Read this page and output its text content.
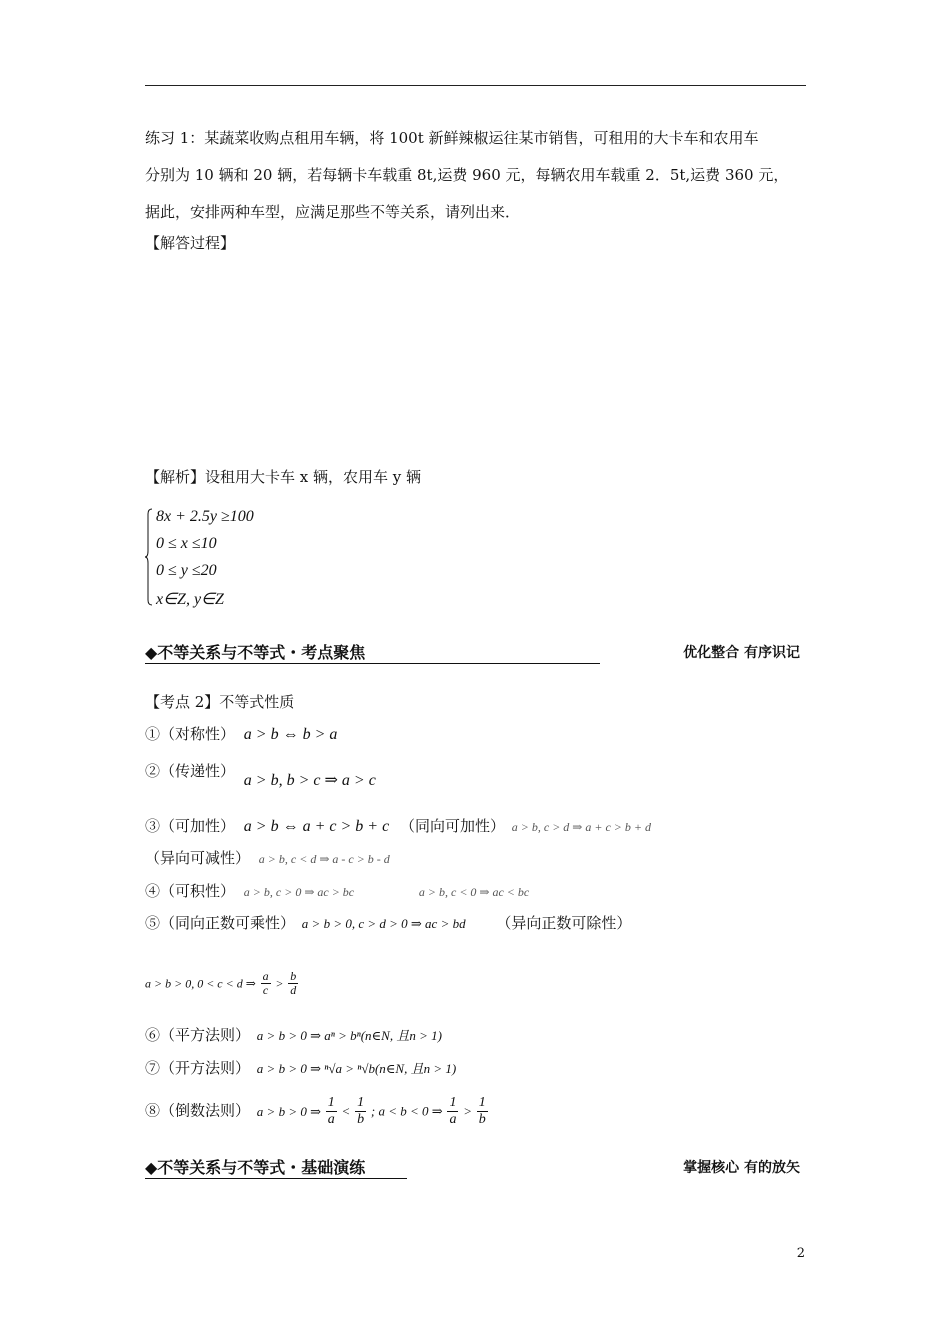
练习 1：某蔬菜收购点租用车辆，将 100t 新鲜辣椒运往某市销售，可租用的大卡车和农用车
分别为 10 辆和 20 辆，若每辆卡车载重 8t,运费 960 元，每辆农用车载重 2．5t,运费 360 元，
据此，安排两种车型，应满足那些不等关系，请列出来．
【解答过程】
【解析】设租用大卡车 x 辆，农用车 y 辆
8x + 2.5y ≥100
0 ≤ x ≤10
0 ≤ y ≤20
x∈Z, y∈Z
◆不等关系与不等式・考点聚焦	优化整合 有序识记
【考点 2】不等式性质
①（对称性） a > b ⇔ b > a
②（传递性） a > b, b > c ⇒ a > c
③（可加性） a > b ⇔ a + c > b + c （同向可加性） a > b, c > d ⇒ a + c > b + d
（异向可减性） a > b, c < d ⇒ a - c > b - d
④（可积性） a > b, c > 0 ⇒ ac > bc	a > b, c < 0 ⇒ ac < bc
⑤（同向正数可乘性） a > b > 0, c > d > 0 ⇒ ac > bd （异向正数可除性）
a > b > 0, 0 < c < d ⇒ $\frac{a}{c} > \frac{b}{d}$
⑥（平方法则） a > b > 0 ⇒ aⁿ > bⁿ(n∈N, 且n > 1)
⑦（开方法则） a > b > 0 ⇒ ⁿ√a > ⁿ√b(n∈N, 且n > 1)
⑧（倒数法则） a > b > 0 ⇒ $\frac{1}{a} < \frac{1}{b}$ ; a < b < 0 ⇒ $\frac{1}{a} > \frac{1}{b}$
◆不等关系与不等式・基础演练	掌握核心 有的放矢
2
